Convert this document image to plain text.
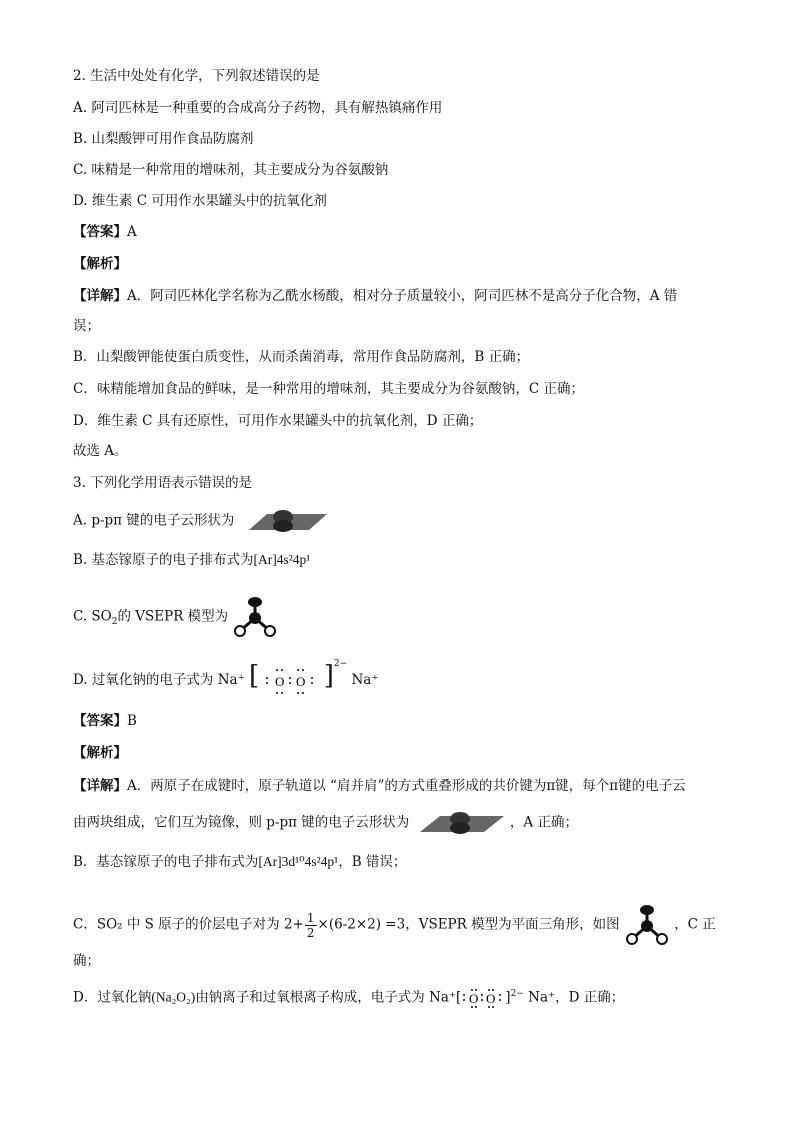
2. 生活中处处有化学，下列叙述错误的是
A. 阿司匹林是一种重要的合成高分子药物，具有解热镇痛作用
B. 山梨酸钾可用作食品防腐剂
C. 味精是一种常用的增味剂，其主要成分为谷氨酸钠
D. 维生素 C 可用作水果罐头中的抗氧化剂
【答案】A
【解析】
【详解】A．阿司匹林化学名称为乙酰水杨酸，相对分子质量较小，阿司匹林不是高分子化合物，A 错
误；
B．山梨酸钾能使蛋白质变性，从而杀菌消毒，常用作食品防腐剂，B 正确；
C．味精能增加食品的鲜味，是一种常用的增味剂，其主要成分为谷氨酸钠，C 正确；
D．维生素 C 具有还原性，可用作水果罐头中的抗氧化剂，D 正确；
故选 A。
3. 下列化学用语表示错误的是
A. p-pπ 键的电子云形状为
B. 基态镓原子的电子排布式为[Ar]4s²4p¹
C. $SO_2$的 VSEPR 模型为
D. 过氧化钠的电子式为 Na⁺ [ O O ]$^{2-}$ Na⁺
【答案】B
【解析】
【详解】A．两原子在成键时，原子轨道以 “肩并肩”的方式重叠形成的共价键为π键，每个π键的电子云
由两块组成，它们互为镜像，则 p-pπ 键的电子云形状为	，A 正确；
B．基态镓原子的电子排布式为[Ar]3d¹⁰4s²4p¹，B 错误；
C．SO₂ 中 S 原子的价层电子对为 $2+ \frac{1}{2} \times(6-2\times 2) =3$，VSEPR 模型为平面三角形，如图	，C 正
确；
D．过氧化钠(Na₂O₂)由钠离子和过氧根离子构成，电子式为 Na⁺[ O O ]$^{2-}$ Na⁺，D 正确；
